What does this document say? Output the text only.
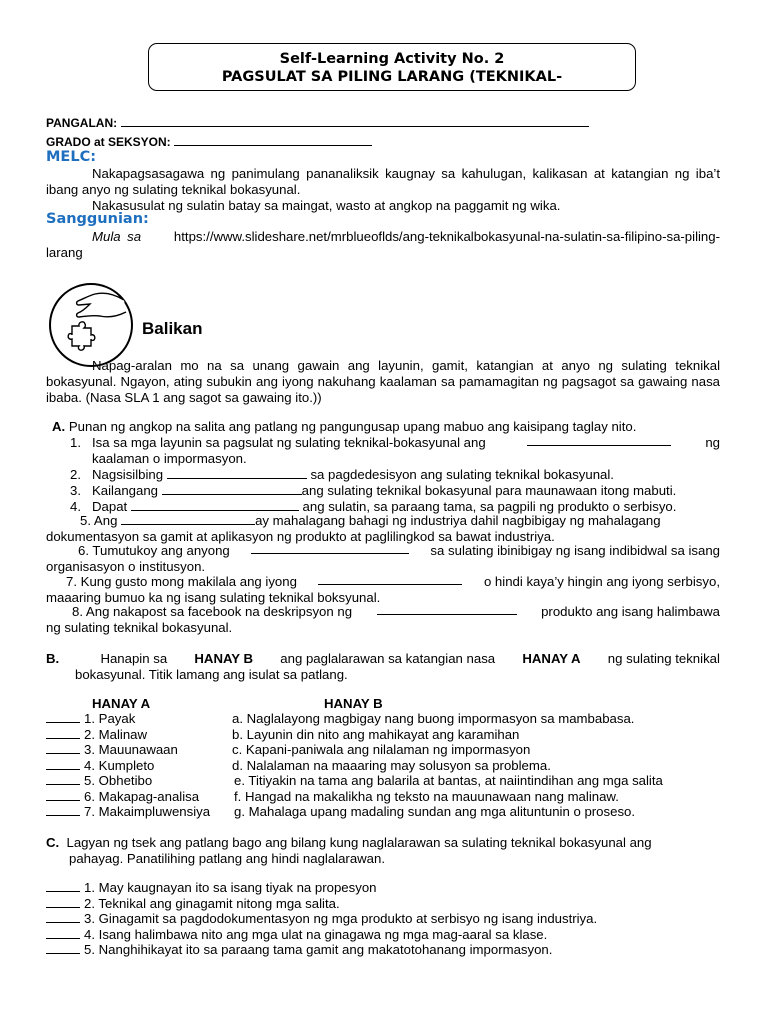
Self-Learning Activity No. 2
PAGSULAT SA PILING LARANG (TEKNIKAL-
PANGALAN:
GRADO at SEKSYON:
MELC:
Nakapagsasagawa ng panimulang pananaliksik kaugnay sa kahulugan, kalikasan at katangian ng iba’t ibang anyo ng sulating teknikal bokasyunal.
Nakasusulat ng sulatin batay sa maingat, wasto at angkop na paggamit ng wika.
Sanggunian:
Mula sa https://www.slideshare.net/mrblueoflds/ang-teknikalbokasyunal-na-sulatin-sa-filipino-sa-piling-larang
Balikan
Napag-aralan mo na sa unang gawain ang layunin, gamit, katangian at anyo ng sulating teknikal bokasyunal. Ngayon, ating subukin ang iyong nakuhang kaalaman sa pamamagitan ng pagsagot sa gawaing nasa ibaba. (Nasa SLA 1 ang sagot sa gawaing ito.))
A. Punan ng angkop na salita ang patlang ng pangungusap upang mabuo ang kaisipang taglay nito.
1. Isa sa mga layunin sa pagsulat ng sulating teknikal-bokasyunal ang	ng
kaalaman o impormasyon.
2. Nagsisilbing	sa pagdedesisyon ang sulating teknikal bokasyunal.
3. Kailangang	ang sulating teknikal bokasyunal para maunawaan itong mabuti.
4. Dapat	ang sulatin, sa paraang tama, sa pagpili ng produkto o serbisyo.
5. Ang	ay mahalagang bahagi ng industriya dahil nagbibigay ng mahalagang
dokumentasyon sa gamit at aplikasyon ng produkto at paglilingkod sa bawat industriya.
6. Tumutukoy ang anyong	sa sulating ibinibigay ng isang indibidwal sa isang
organisasyon o institusyon.
7. Kung gusto mong makilala ang iyong	o hindi kaya’y hingin ang iyong serbisyo,
maaaring bumuo ka ng isang sulating teknikal boksyunal.
8. Ang nakapost sa facebook na deskripsyon ng	produkto ang isang halimbawa
ng sulating teknikal bokasyunal.
B.	Hanapin sa HANAY B ang paglalarawan sa katangian nasa HANAY A ng sulating teknikal
bokasyunal. Titik lamang ang isulat sa patlang.
HANAY A	HANAY B
1. Payak	a. Naglalayong magbigay nang buong impormasyon sa mambabasa.
2. Malinaw	b. Layunin din nito ang mahikayat ang karamihan
3. Mauunawaan	c. Kapani-paniwala ang nilalaman ng impormasyon
4. Kumpleto	d. Nalalaman na maaaring may solusyon sa problema.
5. Obhetibo	e. Titiyakin na tama ang balarila at bantas, at naiintindihan ang mga salita
6. Makapag-analisa	f. Hangad na makalikha ng teksto na mauunawaan nang malinaw.
7. Makaimpluwensiya g. Mahalaga upang madaling sundan ang mga alituntunin o proseso.
C. Lagyan ng tsek ang patlang bago ang bilang kung naglalarawan sa sulating teknikal bokasyunal ang
pahayag. Panatilihing patlang ang hindi naglalarawan.
1. May kaugnayan ito sa isang tiyak na propesyon
2. Teknikal ang ginagamit nitong mga salita.
3. Ginagamit sa pagdodokumentasyon ng mga produkto at serbisyo ng isang industriya.
4. Isang halimbawa nito ang mga ulat na ginagawa ng mga mag-aaral sa klase.
5. Nanghihikayat ito sa paraang tama gamit ang makatotohanang impormasyon.
